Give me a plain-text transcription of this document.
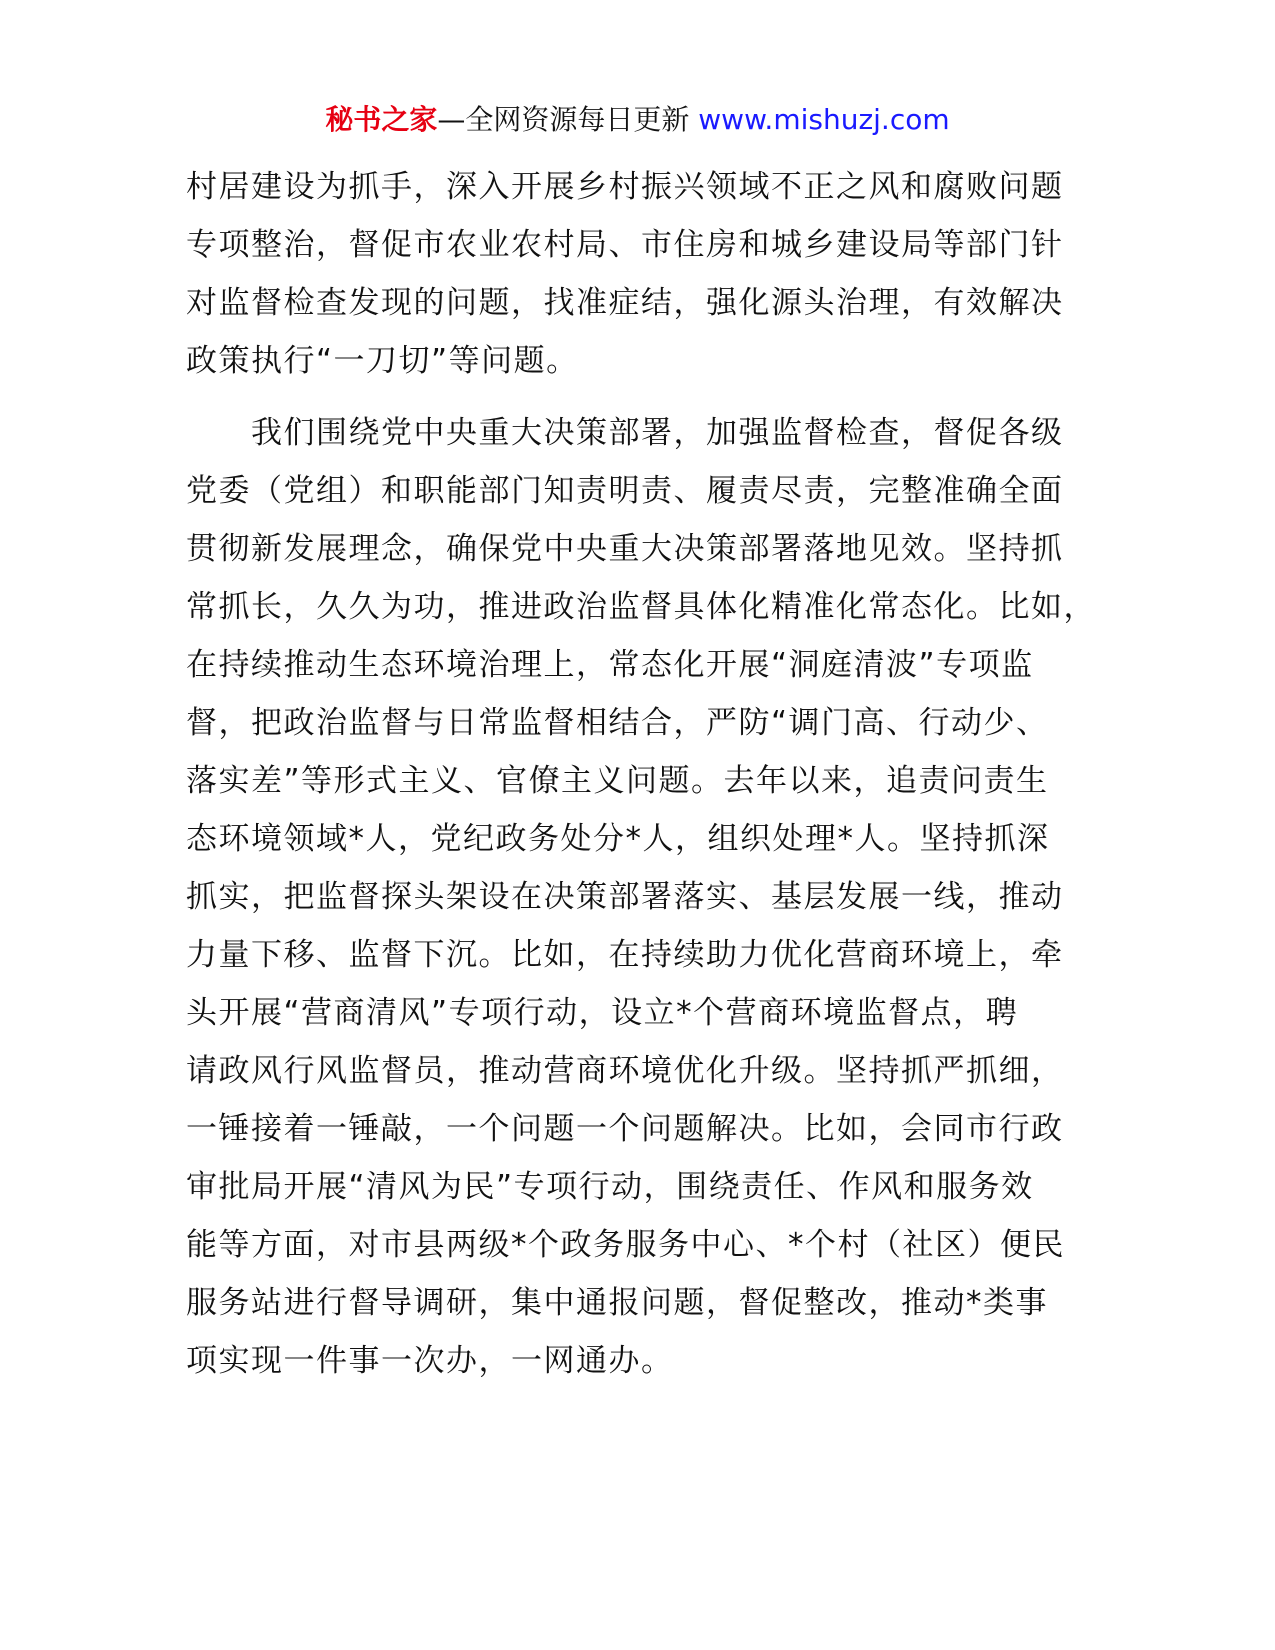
秘书之家—全网资源每日更新 www.mishuzj.com
村居建设为抓手，深入开展乡村振兴领域不正之风和腐败问题
专项整治，督促市农业农村局、市住房和城乡建设局等部门针
对监督检查发现的问题，找准症结，强化源头治理，有效解决
政策执行“一刀切”等问题。
　　我们围绕党中央重大决策部署，加强监督检查，督促各级
党委（党组）和职能部门知责明责、履责尽责，完整准确全面
贯彻新发展理念，确保党中央重大决策部署落地见效。坚持抓
常抓长，久久为功，推进政治监督具体化精准化常态化。比如，
在持续推动生态环境治理上，常态化开展“洞庭清波”专项监
督，把政治监督与日常监督相结合，严防“调门高、行动少、
落实差”等形式主义、官僚主义问题。去年以来，追责问责生
态环境领域*人，党纪政务处分*人，组织处理*人。坚持抓深
抓实，把监督探头架设在决策部署落实、基层发展一线，推动
力量下移、监督下沉。比如，在持续助力优化营商环境上，牵
头开展“营商清风”专项行动，设立*个营商环境监督点，聘
请政风行风监督员，推动营商环境优化升级。坚持抓严抓细，
一锤接着一锤敲，一个问题一个问题解决。比如，会同市行政
审批局开展“清风为民”专项行动，围绕责任、作风和服务效
能等方面，对市县两级*个政务服务中心、*个村（社区）便民
服务站进行督导调研，集中通报问题，督促整改，推动*类事
项实现一件事一次办，一网通办。
